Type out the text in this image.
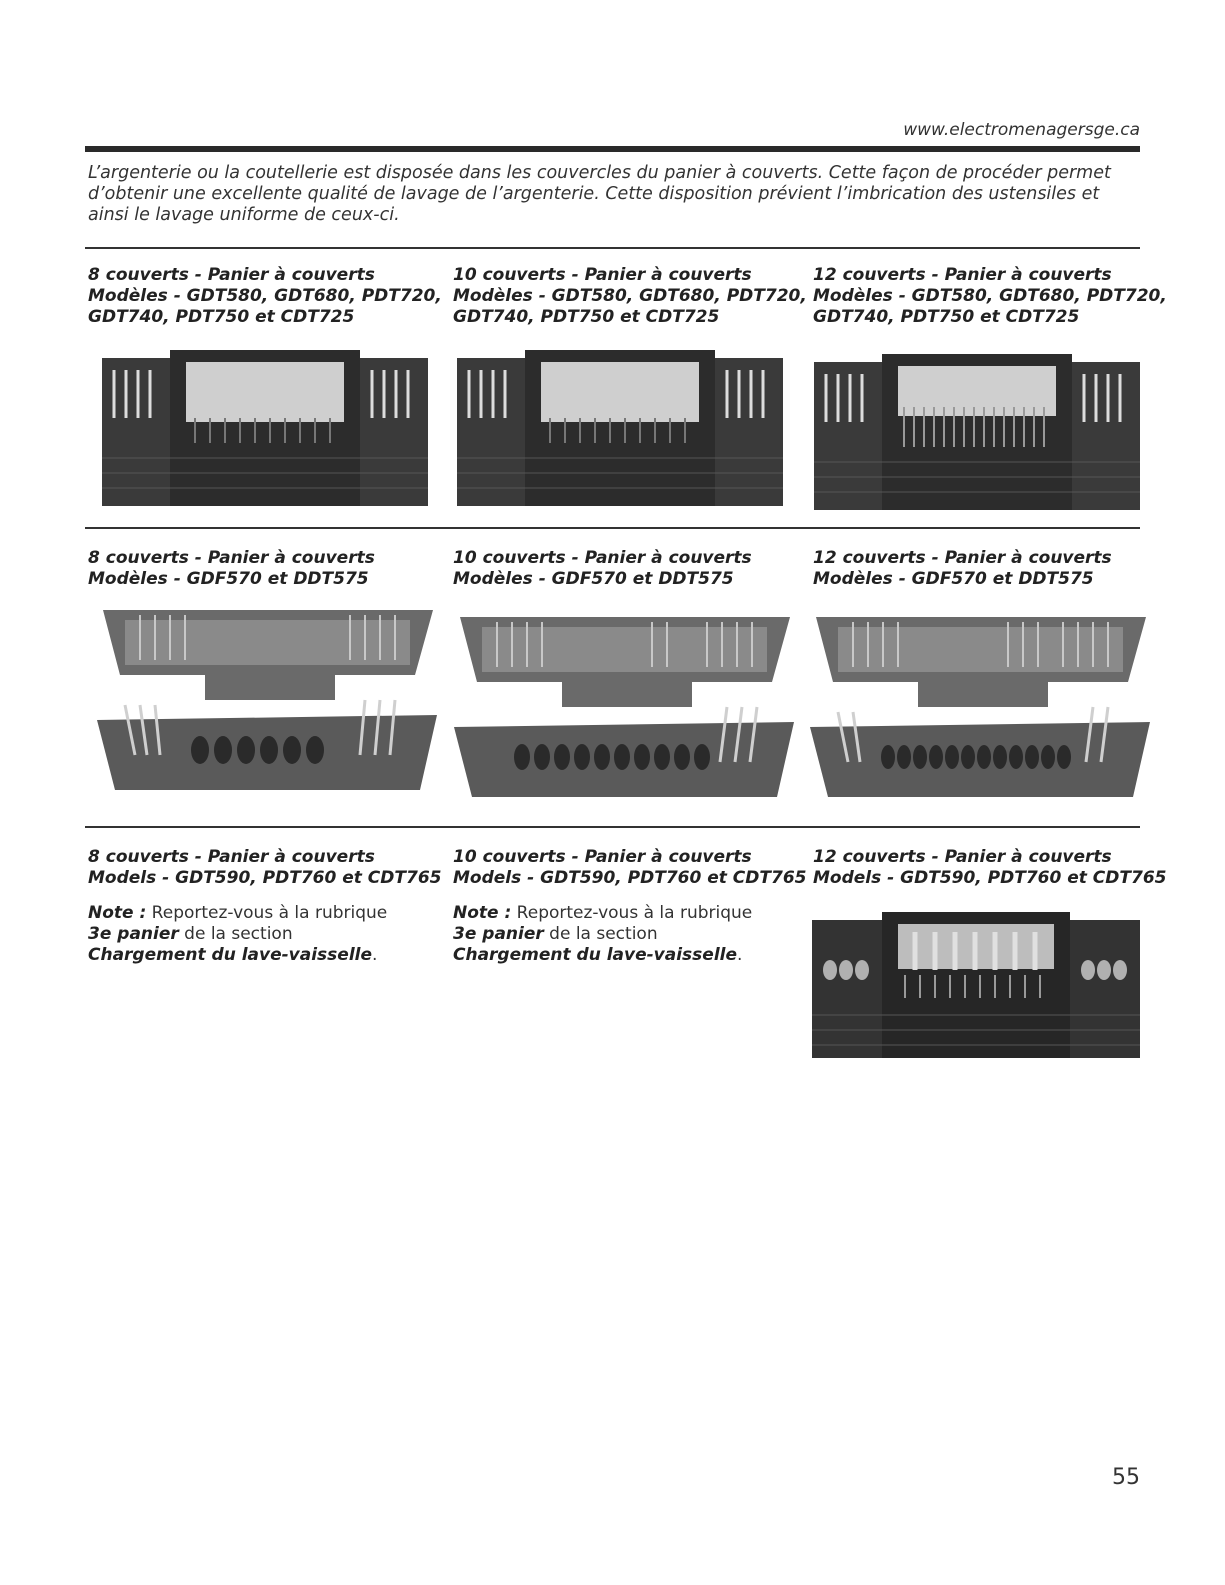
www.electromenagersge.ca

L’argenterie ou la coutellerie est disposée dans les couvercles du panier à couverts. Cette façon de procéder permet

d’obtenir une excellente qualité de lavage de l’argenterie. Cette disposition prévient l’imbrication des ustensiles et

ainsi le lavage uniforme de ceux-ci.

8 couverts - Panier à couverts
Modèles - GDT580, GDT680, PDT720,
GDT740, PDT750 et CDT725
10 couverts - Panier à couverts
Modèles - GDT580, GDT680, PDT720,
GDT740, PDT750 et CDT725
12 couverts - Panier à couverts
Modèles - GDT580, GDT680, PDT720,
GDT740, PDT750 et CDT725
8 couverts - Panier à couverts
Modèles - GDF570 et DDT575
10 couverts - Panier à couverts
Modèles - GDF570 et DDT575
12 couverts - Panier à couverts
Modèles - GDF570 et DDT575
8 couverts - Panier à couverts
Models - GDT590, PDT760 et CDT765
Note : Reportez-vous à la rubrique
3e panier de la section
Chargement du lave-vaisselle.
10 couverts - Panier à couverts
Models - GDT590, PDT760 et CDT765
Note : Reportez-vous à la rubrique
3e panier de la section
Chargement du lave-vaisselle.
12 couverts - Panier à couverts
Models - GDT590, PDT760 et CDT765
55
